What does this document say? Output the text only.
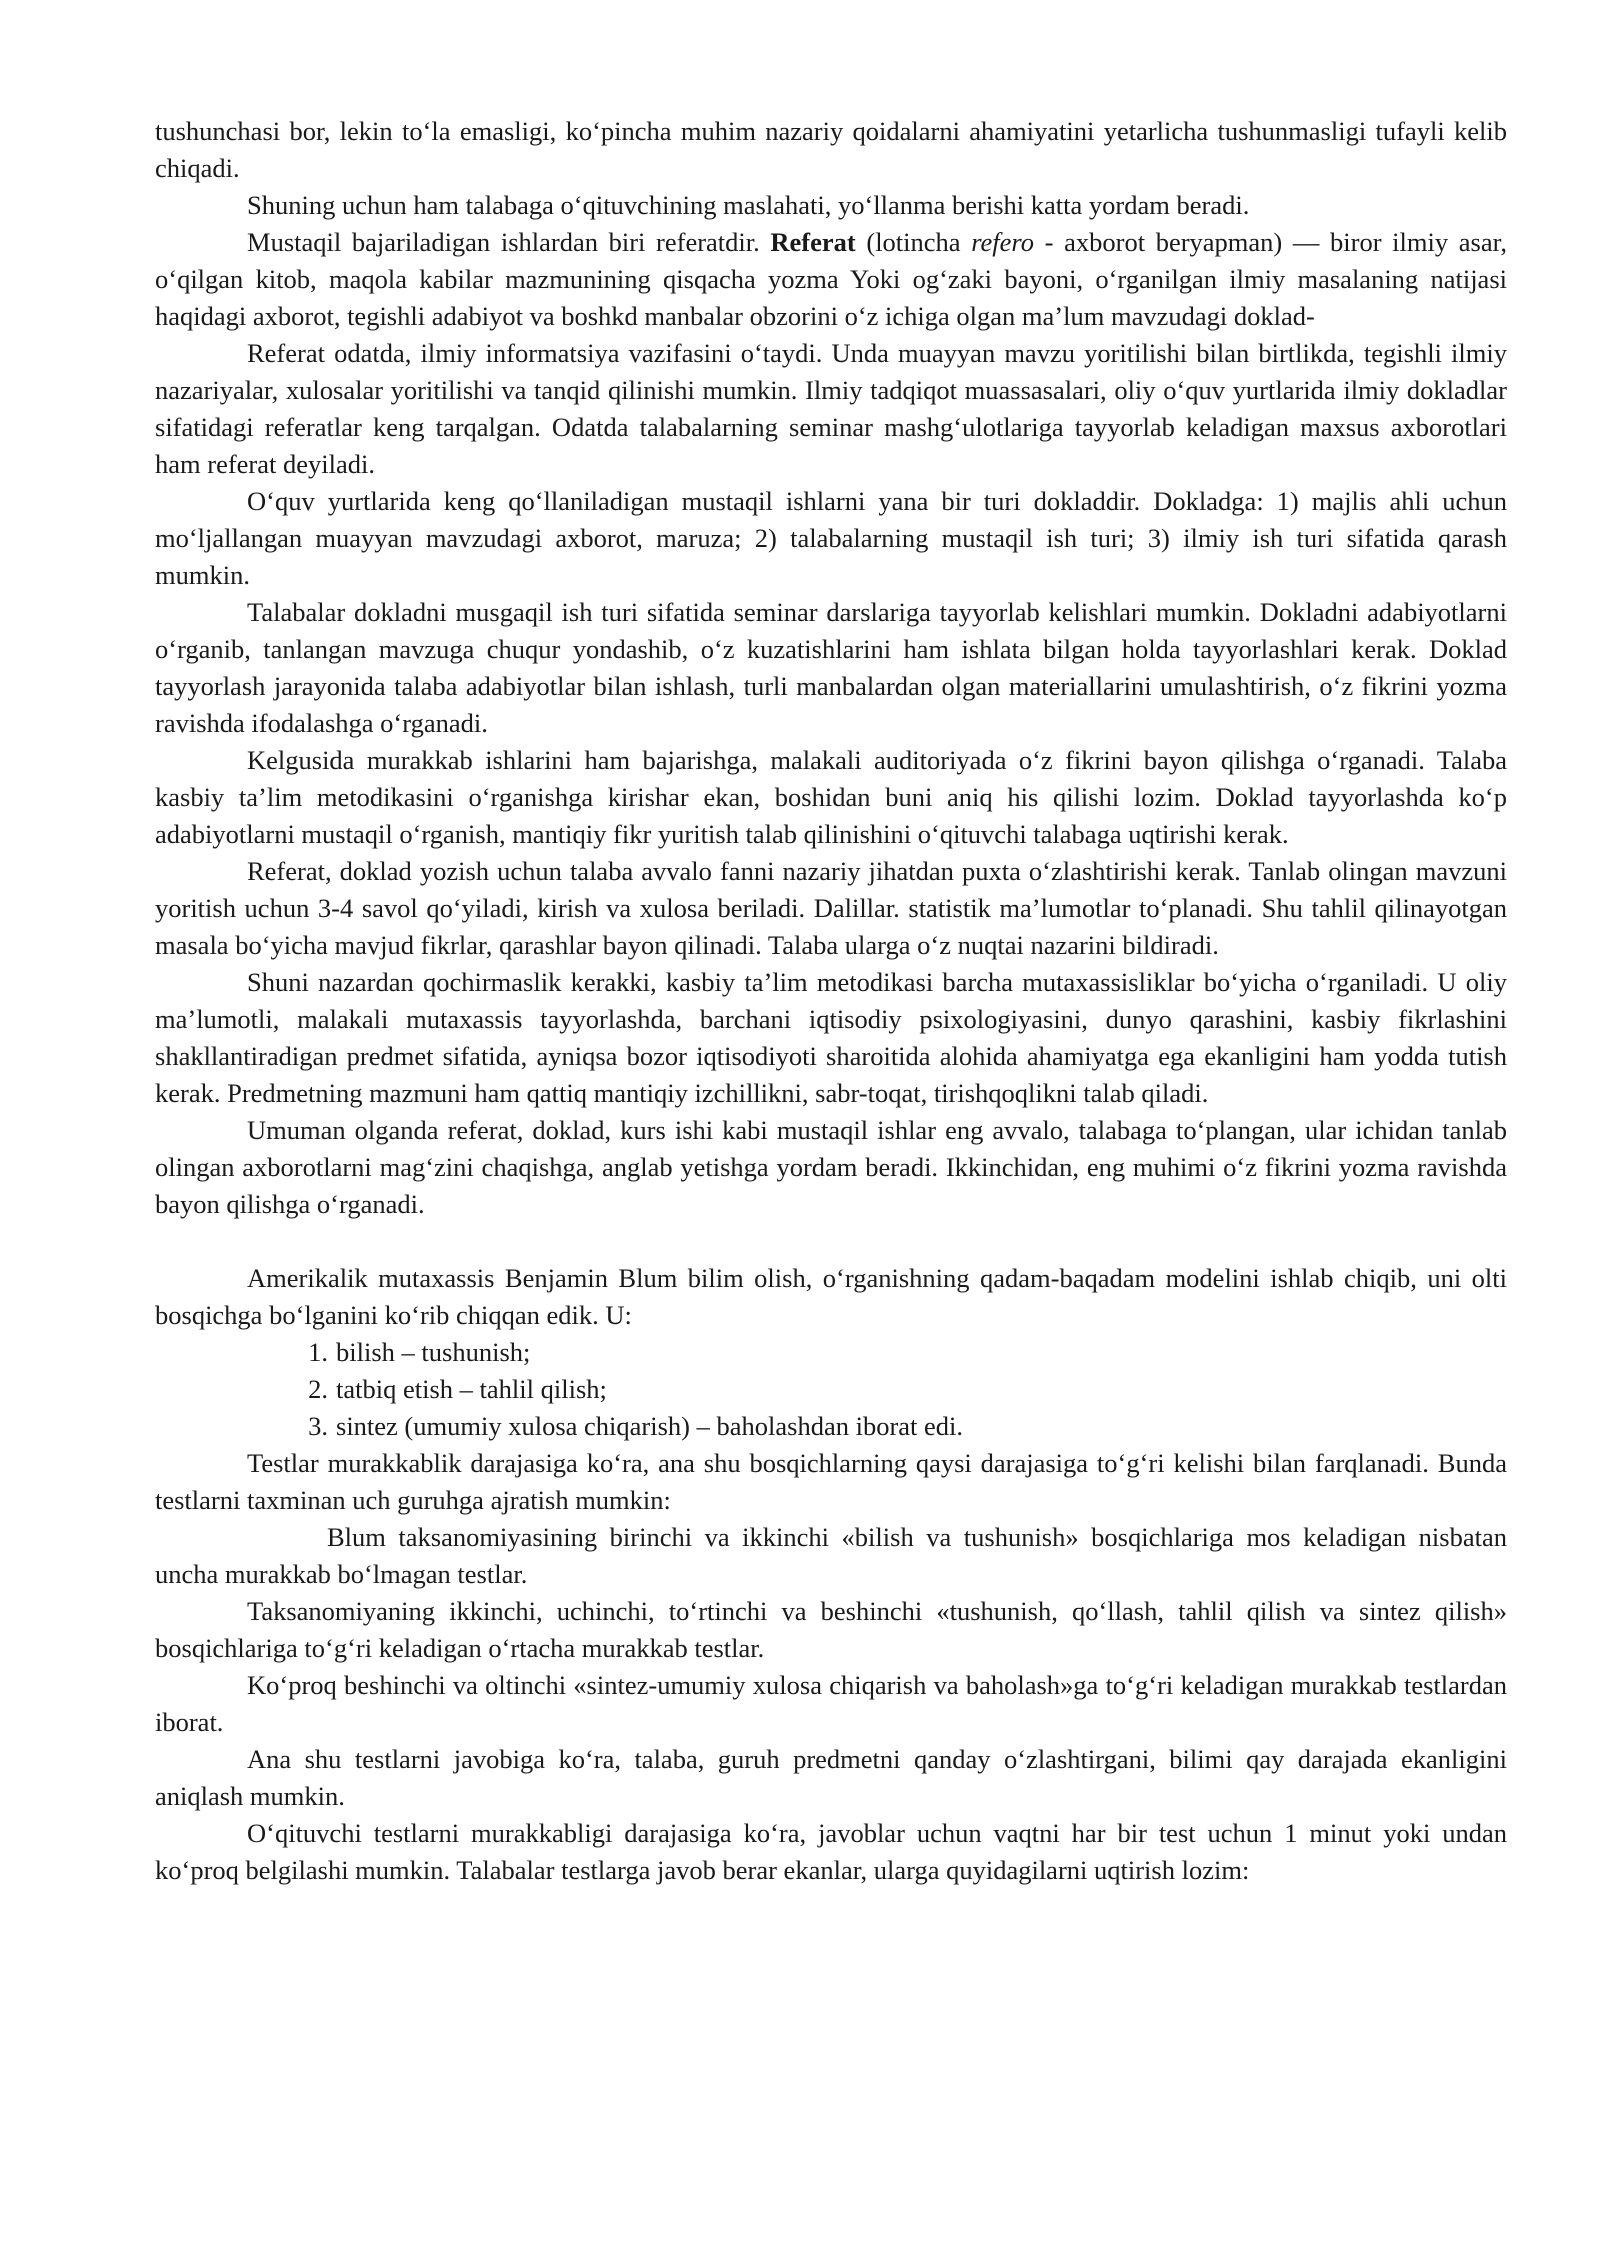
tushunchasi bor, lekin to‘la emasligi, ko‘pincha muhim nazariy qoidalarni ahamiyatini yetarlicha tushunmasligi tufayli kelib chiqadi.

Shuning uchun ham talabaga o‘qituvchining maslahati, yo‘llanma berishi katta yordam beradi.

Mustaqil bajariladigan ishlardan biri referatdir. Referat (lotincha refero - axborot beryapman) — biror ilmiy asar, o‘qilgan kitob, maqola kabilar mazmunining qisqacha yozma Yoki og‘zaki bayoni, o‘rganilgan ilmiy masalaning natijasi haqidagi axborot, tegishli adabiyot va boshkd manbalar obzorini o‘z ichiga olgan ma’lum mavzudagi doklad-

Referat odatda, ilmiy informatsiya vazifasini o‘taydi. Unda muayyan mavzu yoritilishi bilan birtlikda, tegishli ilmiy nazariyalar, xulosalar yoritilishi va tanqid qilinishi mumkin. Ilmiy tadqiqot muassasalari, oliy o‘quv yurtlarida ilmiy dokladlar sifatidagi referatlar keng tarqalgan. Odatda talabalarning seminar mashg‘ulotlariga tayyorlab keladigan maxsus axborotlari ham referat deyiladi.

O‘quv yurtlarida keng qo‘llaniladigan mustaqil ishlarni yana bir turi dokladdir. Dokladga: 1) majlis ahli uchun mo‘ljallangan muayyan mavzudagi axborot, maruza; 2) talabalarning mustaqil ish turi; 3) ilmiy ish turi sifatida qarash mumkin.

Talabalar dokladni musgaqil ish turi sifatida seminar darslariga tayyorlab kelishlari mumkin. Dokladni adabiyotlarni o‘rganib, tanlangan mavzuga chuqur yondashib, o‘z kuzatishlarini ham ishlata bilgan holda tayyorlashlari kerak. Doklad tayyorlash jarayonida talaba adabiyotlar bilan ishlash, turli manbalardan olgan materiallarini umulashtirish, o‘z fikrini yozma ravishda ifodalashga o‘rganadi.

Kelgusida murakkab ishlarini ham bajarishga, malakali auditoriyada o‘z fikrini bayon qilishga o‘rganadi. Talaba kasbiy ta’lim metodikasini o‘rganishga kirishar ekan, boshidan buni aniq his qilishi lozim. Doklad tayyorlashda ko‘p adabiyotlarni mustaqil o‘rganish, mantiqiy fikr yuritish talab qilinishini o‘qituvchi talabaga uqtirishi kerak.

Referat, doklad yozish uchun talaba avvalo fanni nazariy jihatdan puxta o‘zlashtirishi kerak. Tanlab olingan mavzuni yoritish uchun 3-4 savol qo‘yiladi, kirish va xulosa beriladi. Dalillar. statistik ma’lumotlar to‘planadi. Shu tahlil qilinayotgan masala bo‘yicha mavjud fikrlar, qarashlar bayon qilinadi. Talaba ularga o‘z nuqtai nazarini bildiradi.

Shuni nazardan qochirmaslik kerakki, kasbiy ta’lim metodikasi barcha mutaxassisliklar bo‘yicha o‘rganiladi. U oliy ma’lumotli, malakali mutaxassis tayyorlashda, barchani iqtisodiy psixologiyasini, dunyo qarashini, kasbiy fikrlashini shakllantiradigan predmet sifatida, ayniqsa bozor iqtisodiyoti sharoitida alohida ahamiyatga ega ekanligini ham yodda tutish kerak. Predmetning mazmuni ham qattiq mantiqiy izchillikni, sabr-toqat, tirishqoqlikni talab qiladi.

Umuman olganda referat, doklad, kurs ishi kabi mustaqil ishlar eng avvalo, talabaga to‘plangan, ular ichidan tanlab olingan axborotlarni mag‘zini chaqishga, anglab yetishga yordam beradi. Ikkinchidan, eng muhimi o‘z fikrini yozma ravishda bayon qilishga o‘rganadi.

Amerikalik mutaxassis Benjamin Blum bilim olish, o‘rganishning qadam-baqadam modelini ishlab chiqib, uni olti bosqichga bo‘lganini ko‘rib chiqqan edik. U:

1. bilish – tushunish;
2. tatbiq etish – tahlil qilish;
3. sintez (umumiy xulosa chiqarish) – baholashdan iborat edi.

Testlar murakkablik darajasiga ko‘ra, ana shu bosqichlarning qaysi darajasiga to‘g‘ri kelishi bilan farqlanadi. Bunda testlarni taxminan uch guruhga ajratish mumkin:

Blum taksanomiyasining birinchi va ikkinchi «bilish va tushunish» bosqichlariga mos keladigan nisbatan uncha murakkab bo‘lmagan testlar.

Taksanomiyaning ikkinchi, uchinchi, to‘rtinchi va beshinchi «tushunish, qo‘llash, tahlil qilish va sintez qilish» bosqichlariga to‘g‘ri keladigan o‘rtacha murakkab testlar.

Ko‘proq beshinchi va oltinchi «sintez-umumiy xulosa chiqarish va baholash»ga to‘g‘ri keladigan murakkab testlardan iborat.

Ana shu testlarni javobiga ko‘ra, talaba, guruh predmetni qanday o‘zlashtirgani, bilimi qay darajada ekanligini aniqlash mumkin.

O‘qituvchi testlarni murakkabligi darajasiga ko‘ra, javoblar uchun vaqtni har bir test uchun 1 minut yoki undan ko‘proq belgilashi mumkin. Talabalar testlarga javob berar ekanlar, ularga quyidagilarni uqtirish lozim:
